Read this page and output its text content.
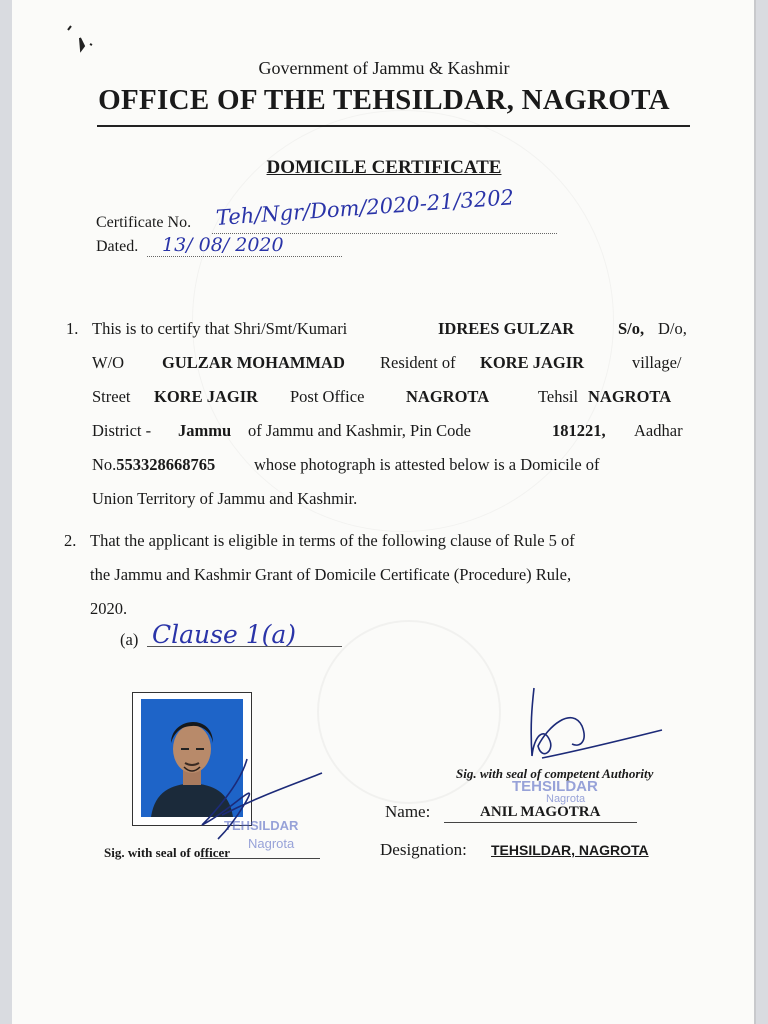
Government of Jammu & Kashmir
OFFICE OF THE TEHSILDAR, NAGROTA
DOMICILE CERTIFICATE
Certificate No. Teh/Ngr/Dom/2020-21/3202
Dated. 13/ 08/ 2020
1. This is to certify that Shri/Smt/Kumari	IDREES GULZAR	S/o, D/o,
W/O GULZAR MOHAMMAD Resident of KORE JAGIR	village/
Street KORE JAGIR Post Office	NAGROTA	Tehsil NAGROTA
District - Jammu of Jammu and Kashmir, Pin Code	181221, Aadhar
No.553328668765 whose photograph is attested below is a Domicile of
Union Territory of Jammu and Kashmir.
2. That the applicant is eligible in terms of the following clause of Rule 5 of
the Jammu and Kashmir Grant of Domicile Certificate (Procedure) Rule,
2020.
(a) Clause 1(a)
TEHSILDAR
Nagrota
Sig. with seal of officer
Sig. with seal of competent Authority
TEHSILDAR
Nagrota
Name:	ANIL MAGOTRA
Designation: TEHSILDAR, NAGROTA
